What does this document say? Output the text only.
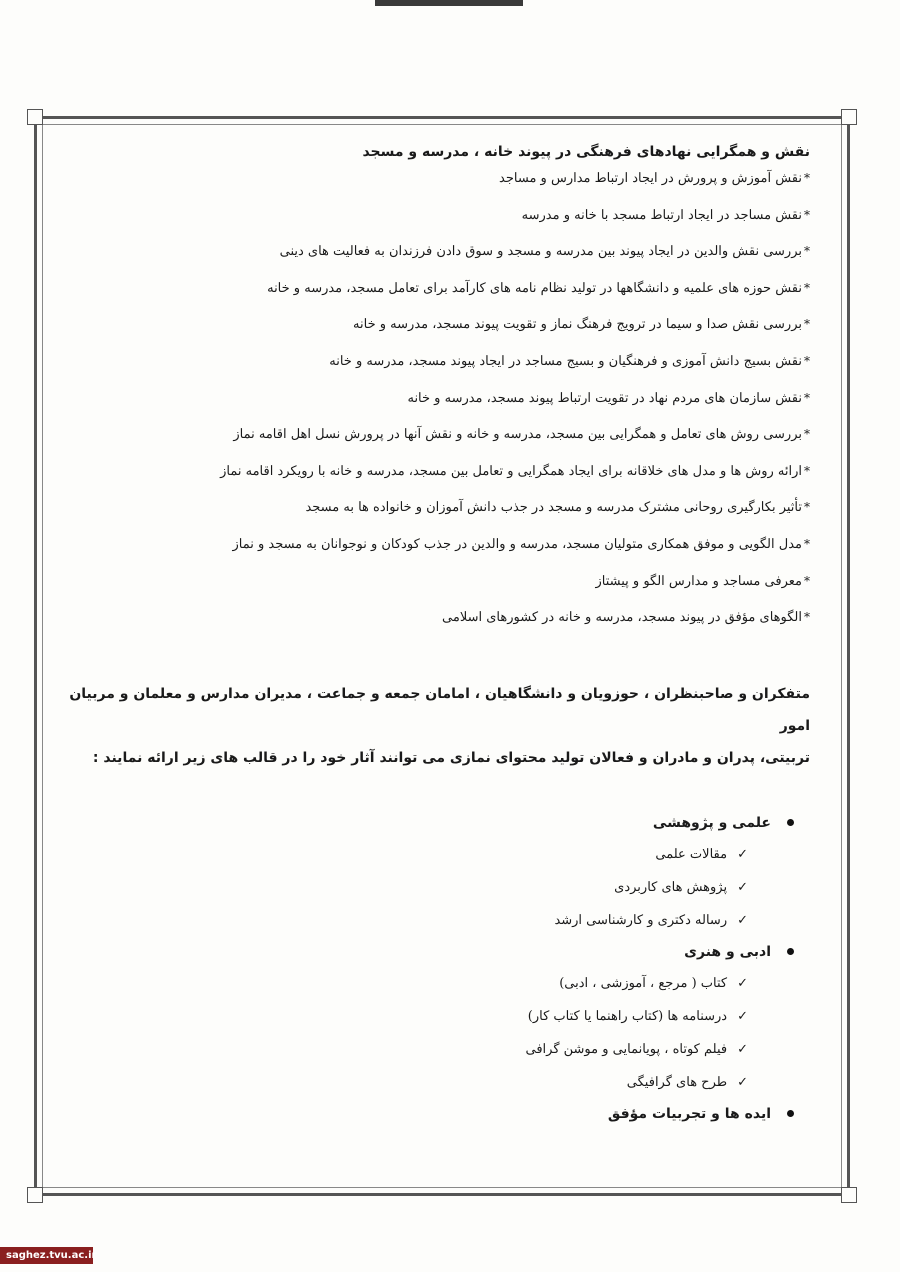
نقش و همگرایی نهادهای فرهنگی در پیوند خانه ، مدرسه و مسجد
*نقش آموزش و پرورش در ایجاد ارتباط مدارس و مساجد
*نقش مساجد در ایجاد ارتباط مسجد با خانه و مدرسه
*بررسی نقش والدین در ایجاد پیوند بین مدرسه و مسجد و سوق دادن فرزندان به فعالیت های دینی
*نقش حوزه های علمیه و دانشگاهها در تولید نظام نامه های کارآمد برای تعامل مسجد، مدرسه و خانه
*بررسی نقش صدا و سیما در ترویج فرهنگ نماز و تقویت پیوند مسجد، مدرسه و خانه
*نقش بسیج دانش آموزی و فرهنگیان و بسیج مساجد در ایجاد پیوند مسجد، مدرسه و خانه
*نقش سازمان های مردم نهاد در تقویت ارتباط پیوند مسجد، مدرسه و خانه
*بررسی روش های تعامل و همگرایی بین مسجد، مدرسه و خانه و نقش آنها در پرورش نسل اهل اقامه نماز
*ارائه روش ها و مدل های خلاقانه برای ایجاد همگرایی و تعامل بین مسجد، مدرسه و خانه با رویکرد اقامه نماز
*تأثیر بکارگیری روحانی مشترک مدرسه و مسجد در جذب دانش آموزان و خانواده ها به مسجد
*مدل الگویی و موفق همکاری متولیان مسجد، مدرسه و والدین در جذب کودکان و نوجوانان به مسجد و نماز
*معرفی مساجد و مدارس الگو و پیشتاز
*الگوهای مؤفق در پیوند مسجد، مدرسه و خانه در کشورهای اسلامی
متفکران و صاحبنظران ، حوزویان و دانشگاهیان ، امامان جمعه و جماعت ، مدیران مدارس و معلمان و مربیان امور
تربیتی، پدران و مادران و فعالان تولید محتوای نمازی می توانند آثار خود را در قالب های زیر ارائه نمایند :
علمی و پژوهشی
✓مقالات علمی
✓پژوهش های کاربردی
✓رساله دکتری و کارشناسی ارشد
ادبی و هنری
✓کتاب ( مرجع ، آموزشی ، ادبی)
✓درسنامه ها (کتاب راهنما یا کتاب کار)
✓فیلم کوتاه ، پویانمایی و موشن گرافی
✓طرح های گرافیگی
ایده ها و تجربیات مؤفق
saghez.tvu.ac.ir
